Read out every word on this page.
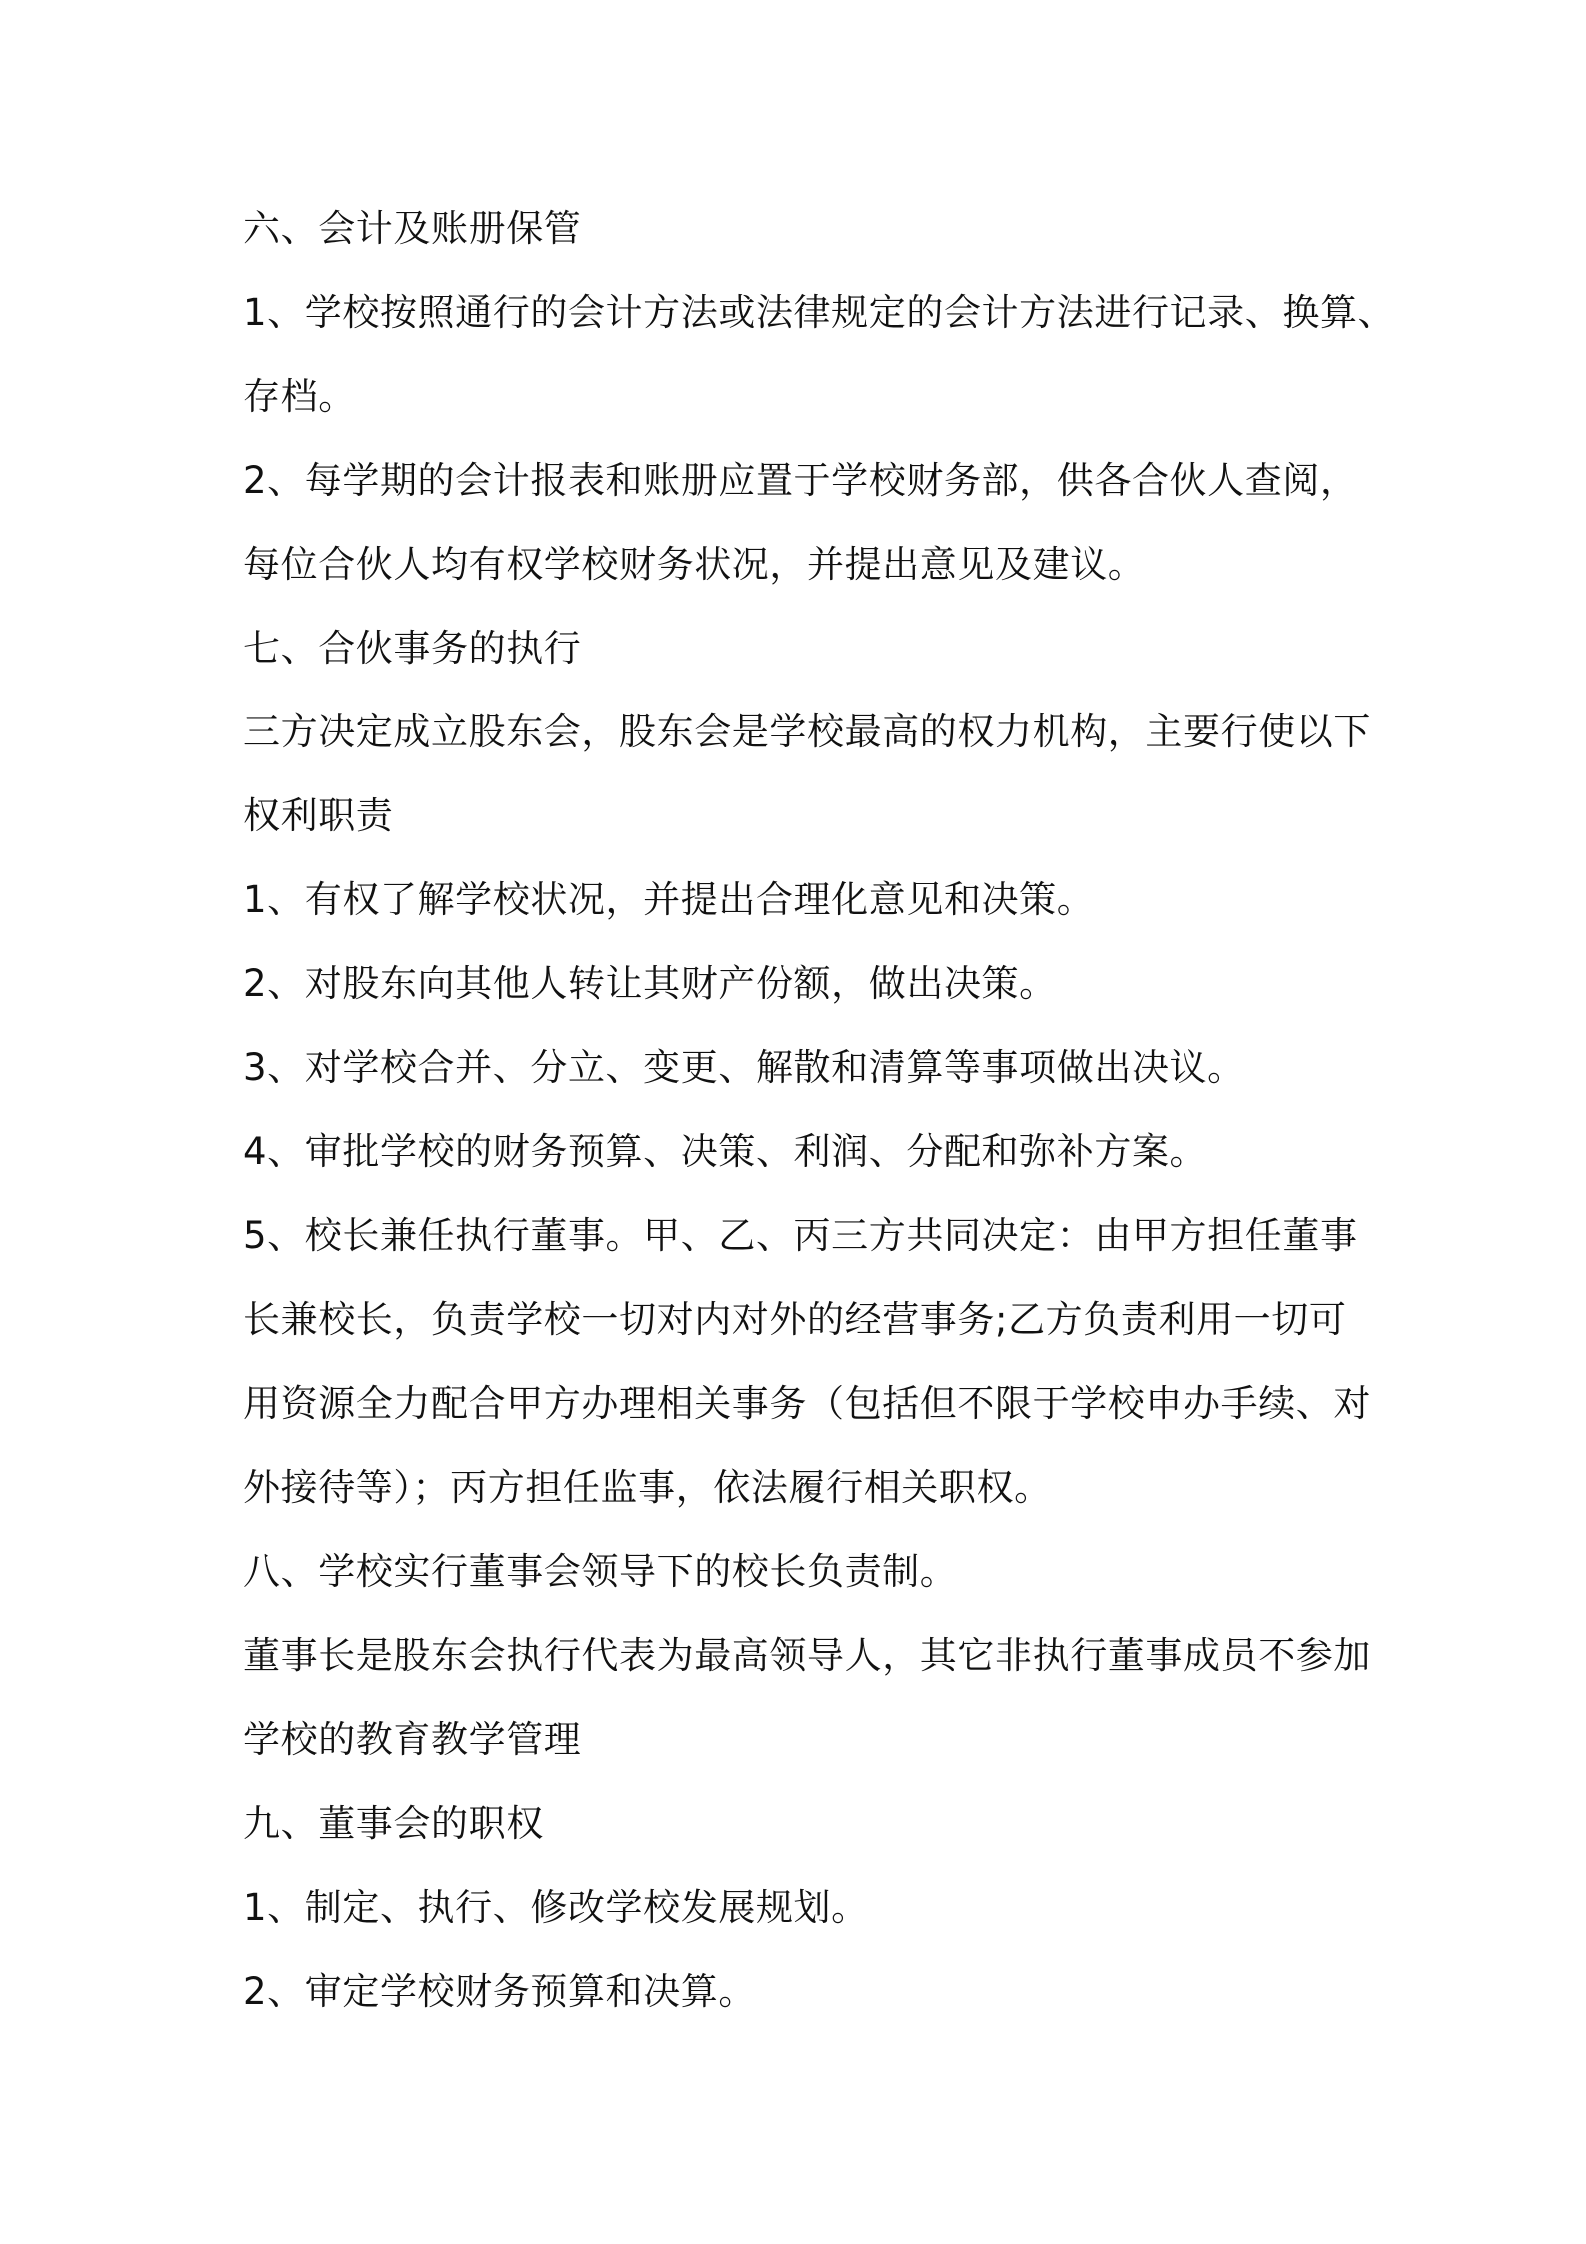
六、会计及账册保管

1、学校按照通行的会计方法或法律规定的会计方法进行记录、换算、

存档。

2、每学期的会计报表和账册应置于学校财务部，供各合伙人查阅，

每位合伙人均有权学校财务状况，并提出意见及建议。

七、合伙事务的执行

三方决定成立股东会，股东会是学校最高的权力机构，主要行使以下

权利职责

1、有权了解学校状况，并提出合理化意见和决策。

2、对股东向其他人转让其财产份额，做出决策。

3、对学校合并、分立、变更、解散和清算等事项做出决议。

4、审批学校的财务预算、决策、利润、分配和弥补方案。

5、校长兼任执行董事。甲、乙、丙三方共同决定：由甲方担任董事

长兼校长，负责学校一切对内对外的经营事务;乙方负责利用一切可

用资源全力配合甲方办理相关事务（包括但不限于学校申办手续、对

外接待等）；丙方担任监事，依法履行相关职权。

八、学校实行董事会领导下的校长负责制。

董事长是股东会执行代表为最高领导人，其它非执行董事成员不参加

学校的教育教学管理

九、董事会的职权

1、制定、执行、修改学校发展规划。

2、审定学校财务预算和决算。
